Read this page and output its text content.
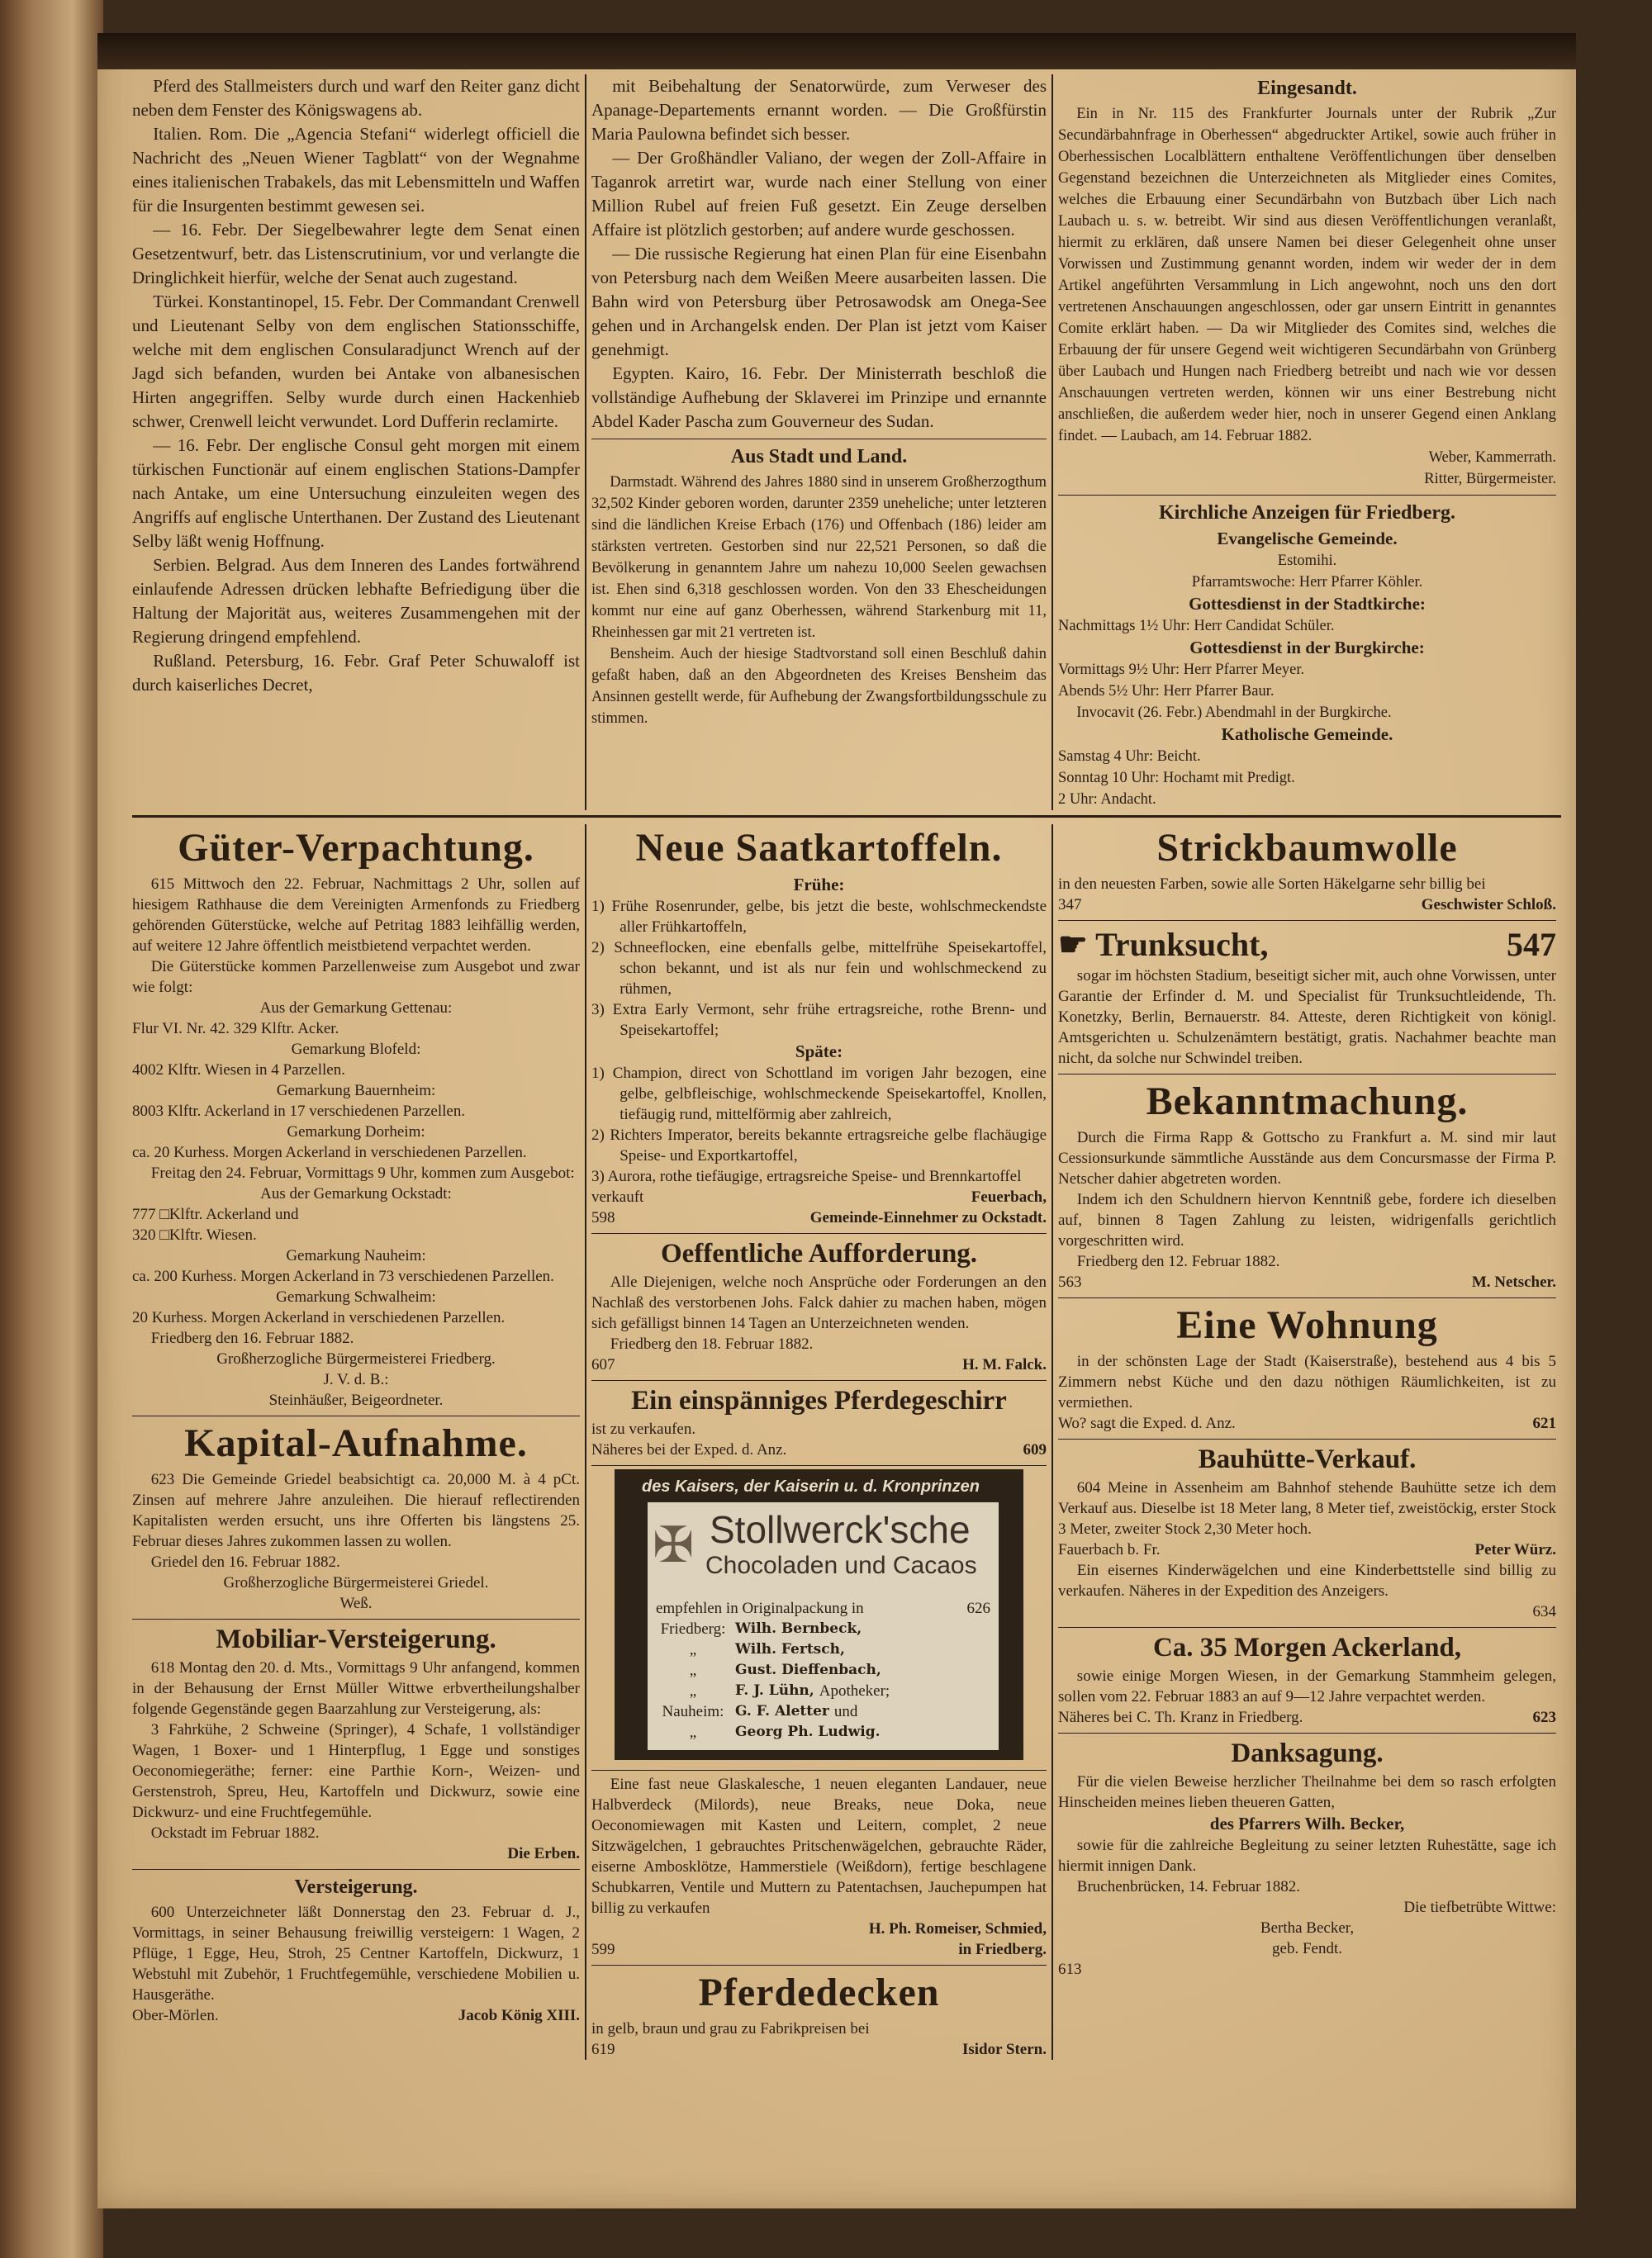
Pferd des Stallmeisters durch und warf den Reiter ganz dicht neben dem Fenster des Königswagens ab.
Italien. Rom. Die „Agencia Stefani“ widerlegt officiell die Nachricht des „Neuen Wiener Tagblatt“ von der Wegnahme eines italienischen Trabakels, das mit Lebensmitteln und Waffen für die Insurgenten bestimmt gewesen sei.
— 16. Febr. Der Siegelbewahrer legte dem Senat einen Gesetzentwurf, betr. das Listenscrutinium, vor und verlangte die Dringlichkeit hierfür, welche der Senat auch zugestand.
Türkei. Konstantinopel, 15. Febr. Der Commandant Crenwell und Lieutenant Selby von dem englischen Stationsschiffe, welche mit dem englischen Consularadjunct Wrench auf der Jagd sich befanden, wurden bei Antake von albanesischen Hirten angegriffen. Selby wurde durch einen Hackenhieb schwer, Crenwell leicht verwundet. Lord Dufferin reclamirte.
— 16. Febr. Der englische Consul geht morgen mit einem türkischen Functionär auf einem englischen Stations-Dampfer nach Antake, um eine Untersuchung einzuleiten wegen des Angriffs auf englische Unterthanen. Der Zustand des Lieutenant Selby läßt wenig Hoffnung.
Serbien. Belgrad. Aus dem Inneren des Landes fortwährend einlaufende Adressen drücken lebhafte Befriedigung über die Haltung der Majorität aus, weiteres Zusammengehen mit der Regierung dringend empfehlend.
Rußland. Petersburg, 16. Febr. Graf Peter Schuwaloff ist durch kaiserliches Decret,
mit Beibehaltung der Senatorwürde, zum Verweser des Apanage-Departements ernannt worden. — Die Großfürstin Maria Paulowna befindet sich besser.
— Der Großhändler Valiano, der wegen der Zoll-Affaire in Taganrok arretirt war, wurde nach einer Stellung von einer Million Rubel auf freien Fuß gesetzt. Ein Zeuge derselben Affaire ist plötzlich gestorben; auf andere wurde geschossen.
— Die russische Regierung hat einen Plan für eine Eisenbahn von Petersburg nach dem Weißen Meere ausarbeiten lassen. Die Bahn wird von Petersburg über Petrosawodsk am Onega-See gehen und in Archangelsk enden. Der Plan ist jetzt vom Kaiser genehmigt.
Egypten. Kairo, 16. Febr. Der Ministerrath beschloß die vollständige Aufhebung der Sklaverei im Prinzipe und ernannte Abdel Kader Pascha zum Gouverneur des Sudan.
Aus Stadt und Land.
Darmstadt. Während des Jahres 1880 sind in unserem Großherzogthum 32,502 Kinder geboren worden, darunter 2359 uneheliche; unter letzteren sind die ländlichen Kreise Erbach (176) und Offenbach (186) leider am stärksten vertreten. Gestorben sind nur 22,521 Personen, so daß die Bevölkerung in genanntem Jahre um nahezu 10,000 Seelen gewachsen ist. Ehen sind 6,318 geschlossen worden. Von den 33 Ehescheidungen kommt nur eine auf ganz Oberhessen, während Starkenburg mit 11, Rheinhessen gar mit 21 vertreten ist.
Bensheim. Auch der hiesige Stadtvorstand soll einen Beschluß dahin gefaßt haben, daß an den Abgeordneten des Kreises Bensheim das Ansinnen gestellt werde, für Aufhebung der Zwangsfortbildungsschule zu stimmen.
Eingesandt.
Ein in Nr. 115 des Frankfurter Journals unter der Rubrik „Zur Secundärbahnfrage in Oberhessen“ abgedruckter Artikel, sowie auch früher in Oberhessischen Localblättern enthaltene Veröffentlichungen über denselben Gegenstand bezeichnen die Unterzeichneten als Mitglieder eines Comites, welches die Erbauung einer Secundärbahn von Butzbach über Lich nach Laubach u. s. w. betreibt. Wir sind aus diesen Veröffentlichungen veranlaßt, hiermit zu erklären, daß unsere Namen bei dieser Gelegenheit ohne unser Vorwissen und Zustimmung genannt worden, indem wir weder der in dem Artikel angeführten Versammlung in Lich angewohnt, noch uns den dort vertretenen Anschauungen angeschlossen, oder gar unsern Eintritt in genanntes Comite erklärt haben. — Da wir Mitglieder des Comites sind, welches die Erbauung der für unsere Gegend weit wichtigeren Secundärbahn von Grünberg über Laubach und Hungen nach Friedberg betreibt und nach wie vor dessen Anschauungen vertreten werden, können wir uns einer Bestrebung nicht anschließen, die außerdem weder hier, noch in unserer Gegend einen Anklang findet. — Laubach, am 14. Februar 1882.
Weber, Kammerrath.
Ritter, Bürgermeister.
Kirchliche Anzeigen für Friedberg.
Evangelische Gemeinde.
Estomihi.
Pfarramtswoche: Herr Pfarrer Köhler.
Gottesdienst in der Stadtkirche:
Nachmittags 1½ Uhr: Herr Candidat Schüler.
Gottesdienst in der Burgkirche:
Vormittags 9½ Uhr: Herr Pfarrer Meyer.
Abends 5½ Uhr: Herr Pfarrer Baur.
Invocavit (26. Febr.) Abendmahl in der Burgkirche.
Katholische Gemeinde.
Samstag 4 Uhr: Beicht.
Sonntag 10 Uhr: Hochamt mit Predigt.
2 Uhr: Andacht.
Güter-Verpachtung.
615 Mittwoch den 22. Februar, Nachmittags 2 Uhr, sollen auf hiesigem Rathhause die dem Vereinigten Armenfonds zu Friedberg gehörenden Güterstücke, welche auf Petritag 1883 leihfällig werden, auf weitere 12 Jahre öffentlich meistbietend verpachtet werden.
Die Güterstücke kommen Parzellenweise zum Ausgebot und zwar wie folgt:
Aus der Gemarkung Gettenau:
Flur VI. Nr. 42. 329 Klftr. Acker.
Gemarkung Blofeld:
4002 Klftr. Wiesen in 4 Parzellen.
Gemarkung Bauernheim:
8003 Klftr. Ackerland in 17 verschiedenen Parzellen.
Gemarkung Dorheim:
ca. 20 Kurhess. Morgen Ackerland in verschiedenen Parzellen.
Freitag den 24. Februar, Vormittags 9 Uhr, kommen zum Ausgebot:
Aus der Gemarkung Ockstadt:
777 □Klftr. Ackerland und
320 □Klftr. Wiesen.
Gemarkung Nauheim:
ca. 200 Kurhess. Morgen Ackerland in 73 verschiedenen Parzellen.
Gemarkung Schwalheim:
20 Kurhess. Morgen Ackerland in verschiedenen Parzellen.
Friedberg den 16. Februar 1882.
Großherzogliche Bürgermeisterei Friedberg.
J. V. d. B.:
Steinhäußer, Beigeordneter.
Kapital-Aufnahme.
623 Die Gemeinde Griedel beabsichtigt ca. 20,000 M. à 4 pCt. Zinsen auf mehrere Jahre anzuleihen. Die hierauf reflectirenden Kapitalisten werden ersucht, uns ihre Offerten bis längstens 25. Februar dieses Jahres zukommen lassen zu wollen.
Griedel den 16. Februar 1882.
Großherzogliche Bürgermeisterei Griedel.
Weß.
Mobiliar-Versteigerung.
618 Montag den 20. d. Mts., Vormittags 9 Uhr anfangend, kommen in der Behausung der Ernst Müller Wittwe erbvertheilungshalber folgende Gegenstände gegen Baarzahlung zur Versteigerung, als:
3 Fahrkühe, 2 Schweine (Springer), 4 Schafe, 1 vollständiger Wagen, 1 Boxer- und 1 Hinterpflug, 1 Egge und sonstiges Oeconomiegeräthe; ferner: eine Parthie Korn-, Weizen- und Gerstenstroh, Spreu, Heu, Kartoffeln und Dickwurz, sowie eine Dickwurz- und eine Fruchtfegemühle.
Ockstadt im Februar 1882.
Die Erben.
Versteigerung.
600 Unterzeichneter läßt Donnerstag den 23. Februar d. J., Vormittags, in seiner Behausung freiwillig versteigern: 1 Wagen, 2 Pflüge, 1 Egge, Heu, Stroh, 25 Centner Kartoffeln, Dickwurz, 1 Webstuhl mit Zubehör, 1 Fruchtfegemühle, verschiedene Mobilien u. Hausgeräthe.
Ober-Mörlen.	Jacob König XIII.
Neue Saatkartoffeln.
Frühe:
1) Frühe Rosenrunder, gelbe, bis jetzt die beste, wohlschmeckendste aller Frühkartoffeln,
2) Schneeflocken, eine ebenfalls gelbe, mittelfrühe Speisekartoffel, schon bekannt, und ist als nur fein und wohlschmeckend zu rühmen,
3) Extra Early Vermont, sehr frühe ertragsreiche, rothe Brenn- und Speisekartoffel;
Späte:
1) Champion, direct von Schottland im vorigen Jahr bezogen, eine gelbe, gelbfleischige, wohlschmeckende Speisekartoffel, Knollen, tiefäugig rund, mittelförmig aber zahlreich,
2) Richters Imperator, bereits bekannte ertragsreiche gelbe flachäugige Speise- und Exportkartoffel,
3) Aurora, rothe tiefäugige, ertragsreiche Speise- und Brennkartoffel
verkauft	Feuerbach,
598	Gemeinde-Einnehmer zu Ockstadt.
Oeffentliche Aufforderung.
Alle Diejenigen, welche noch Ansprüche oder Forderungen an den Nachlaß des verstorbenen Johs. Falck dahier zu machen haben, mögen sich gefälligst binnen 14 Tagen an Unterzeichneten wenden.
Friedberg den 18. Februar 1882.
607	H. M. Falck.
Ein einspänniges Pferdegeschirr
ist zu verkaufen.
Näheres bei der Exped. d. Anz.	609
des Kaisers, der Kaiserin u. d. Kronprinzen
✠ Stollwerck'sche
Chocoladen und Cacaos
empfehlen in Originalpackung in	626
Friedberg: Wilh. Bernbeck,
„	Wilh. Fertsch,
„	Gust. Dieffenbach,
„	F. J. Lühn, Apotheker;
Nauheim: G. F. Aletter und
„	Georg Ph. Ludwig.
Eine fast neue Glaskalesche, 1 neuen eleganten Landauer, neue Halbverdeck (Milords), neue Breaks, neue Doka, neue Oeconomiewagen mit Kasten und Leitern, complet, 2 neue Sitzwägelchen, 1 gebrauchtes Pritschenwägelchen, gebrauchte Räder, eiserne Ambosklötze, Hammerstiele (Weißdorn), fertige beschlagene Schubkarren, Ventile und Muttern zu Patentachsen, Jauchepumpen hat billig zu verkaufen
H. Ph. Romeiser, Schmied,
599	in Friedberg.
Pferdedecken
in gelb, braun und grau zu Fabrikpreisen bei
619	Isidor Stern.
Strickbaumwolle
in den neuesten Farben, sowie alle Sorten Häkelgarne sehr billig bei
347	Geschwister Schloß.
☛ Trunksucht,	547
sogar im höchsten Stadium, beseitigt sicher mit, auch ohne Vorwissen, unter Garantie der Erfinder d. M. und Specialist für Trunksuchtleidende, Th. Konetzky, Berlin, Bernauerstr. 84. Atteste, deren Richtigkeit von königl. Amtsgerichten u. Schulzenämtern bestätigt, gratis. Nachahmer beachte man nicht, da solche nur Schwindel treiben.
Bekanntmachung.
Durch die Firma Rapp & Gottscho zu Frankfurt a. M. sind mir laut Cessionsurkunde sämmtliche Ausstände aus dem Concursmasse der Firma P. Netscher dahier abgetreten worden.
Indem ich den Schuldnern hiervon Kenntniß gebe, fordere ich dieselben auf, binnen 8 Tagen Zahlung zu leisten, widrigenfalls gerichtlich vorgeschritten wird.
Friedberg den 12. Februar 1882.
563	M. Netscher.
Eine Wohnung
in der schönsten Lage der Stadt (Kaiserstraße), bestehend aus 4 bis 5 Zimmern nebst Küche und den dazu nöthigen Räumlichkeiten, ist zu vermiethen.
Wo? sagt die Exped. d. Anz.	621
Bauhütte-Verkauf.
604 Meine in Assenheim am Bahnhof stehende Bauhütte setze ich dem Verkauf aus. Dieselbe ist 18 Meter lang, 8 Meter tief, zweistöckig, erster Stock 3 Meter, zweiter Stock 2,30 Meter hoch.
Fauerbach b. Fr.	Peter Würz.
Ein eisernes Kinderwägelchen und eine Kinderbettstelle sind billig zu verkaufen. Näheres in der Expedition des Anzeigers.
634
Ca. 35 Morgen Ackerland,
sowie einige Morgen Wiesen, in der Gemarkung Stammheim gelegen, sollen vom 22. Februar 1883 an auf 9—12 Jahre verpachtet werden.
Näheres bei C. Th. Kranz in Friedberg.	623
Danksagung.
Für die vielen Beweise herzlicher Theilnahme bei dem so rasch erfolgten Hinscheiden meines lieben theueren Gatten,
des Pfarrers Wilh. Becker,
sowie für die zahlreiche Begleitung zu seiner letzten Ruhestätte, sage ich hiermit innigen Dank.
Bruchenbrücken, 14. Februar 1882.
Die tiefbetrübte Wittwe:
Bertha Becker,
geb. Fendt.
613
